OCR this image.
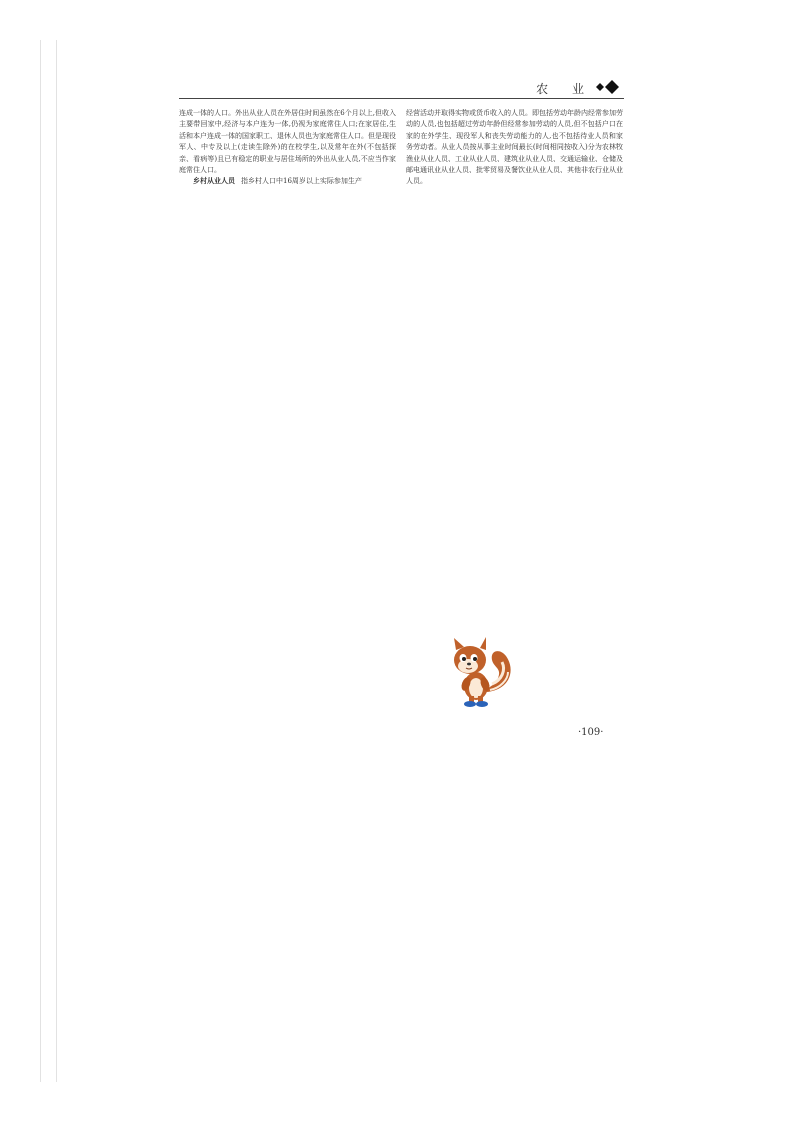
农 业

连成一体的人口。外出从业人员在外居住时间虽然在6个月以上,但收入主要带回家中,经济与本户连为一体,仍视为家庭常住人口;在家居住,生活和本户连成一体的国家职工、退休人员也为家庭常住人口。但是现役军人、中专及以上(走读生除外)的在校学生,以及常年在外(不包括探亲、看病等)且已有稳定的职业与居住场所的外出从业人员,不应当作家庭常住人口。

乡村从业人员 指乡村人口中16周岁以上实际参加生产

经营活动并取得实物或货币收入的人员。即包括劳动年龄内经常参加劳动的人员,也包括超过劳动年龄但经常参加劳动的人员,但不包括户口在家的在外学生、现役军人和丧失劳动能力的人,也不包括待业人员和家务劳动者。从业人员按从事主业时间最长(时间相同按收入)分为农林牧渔业从业人员、工业从业人员、建筑业从业人员、交通运输业、仓储及邮电通讯业从业人员、批零贸易及餐饮业从业人员、其他非农行业从业人员。

·109·
